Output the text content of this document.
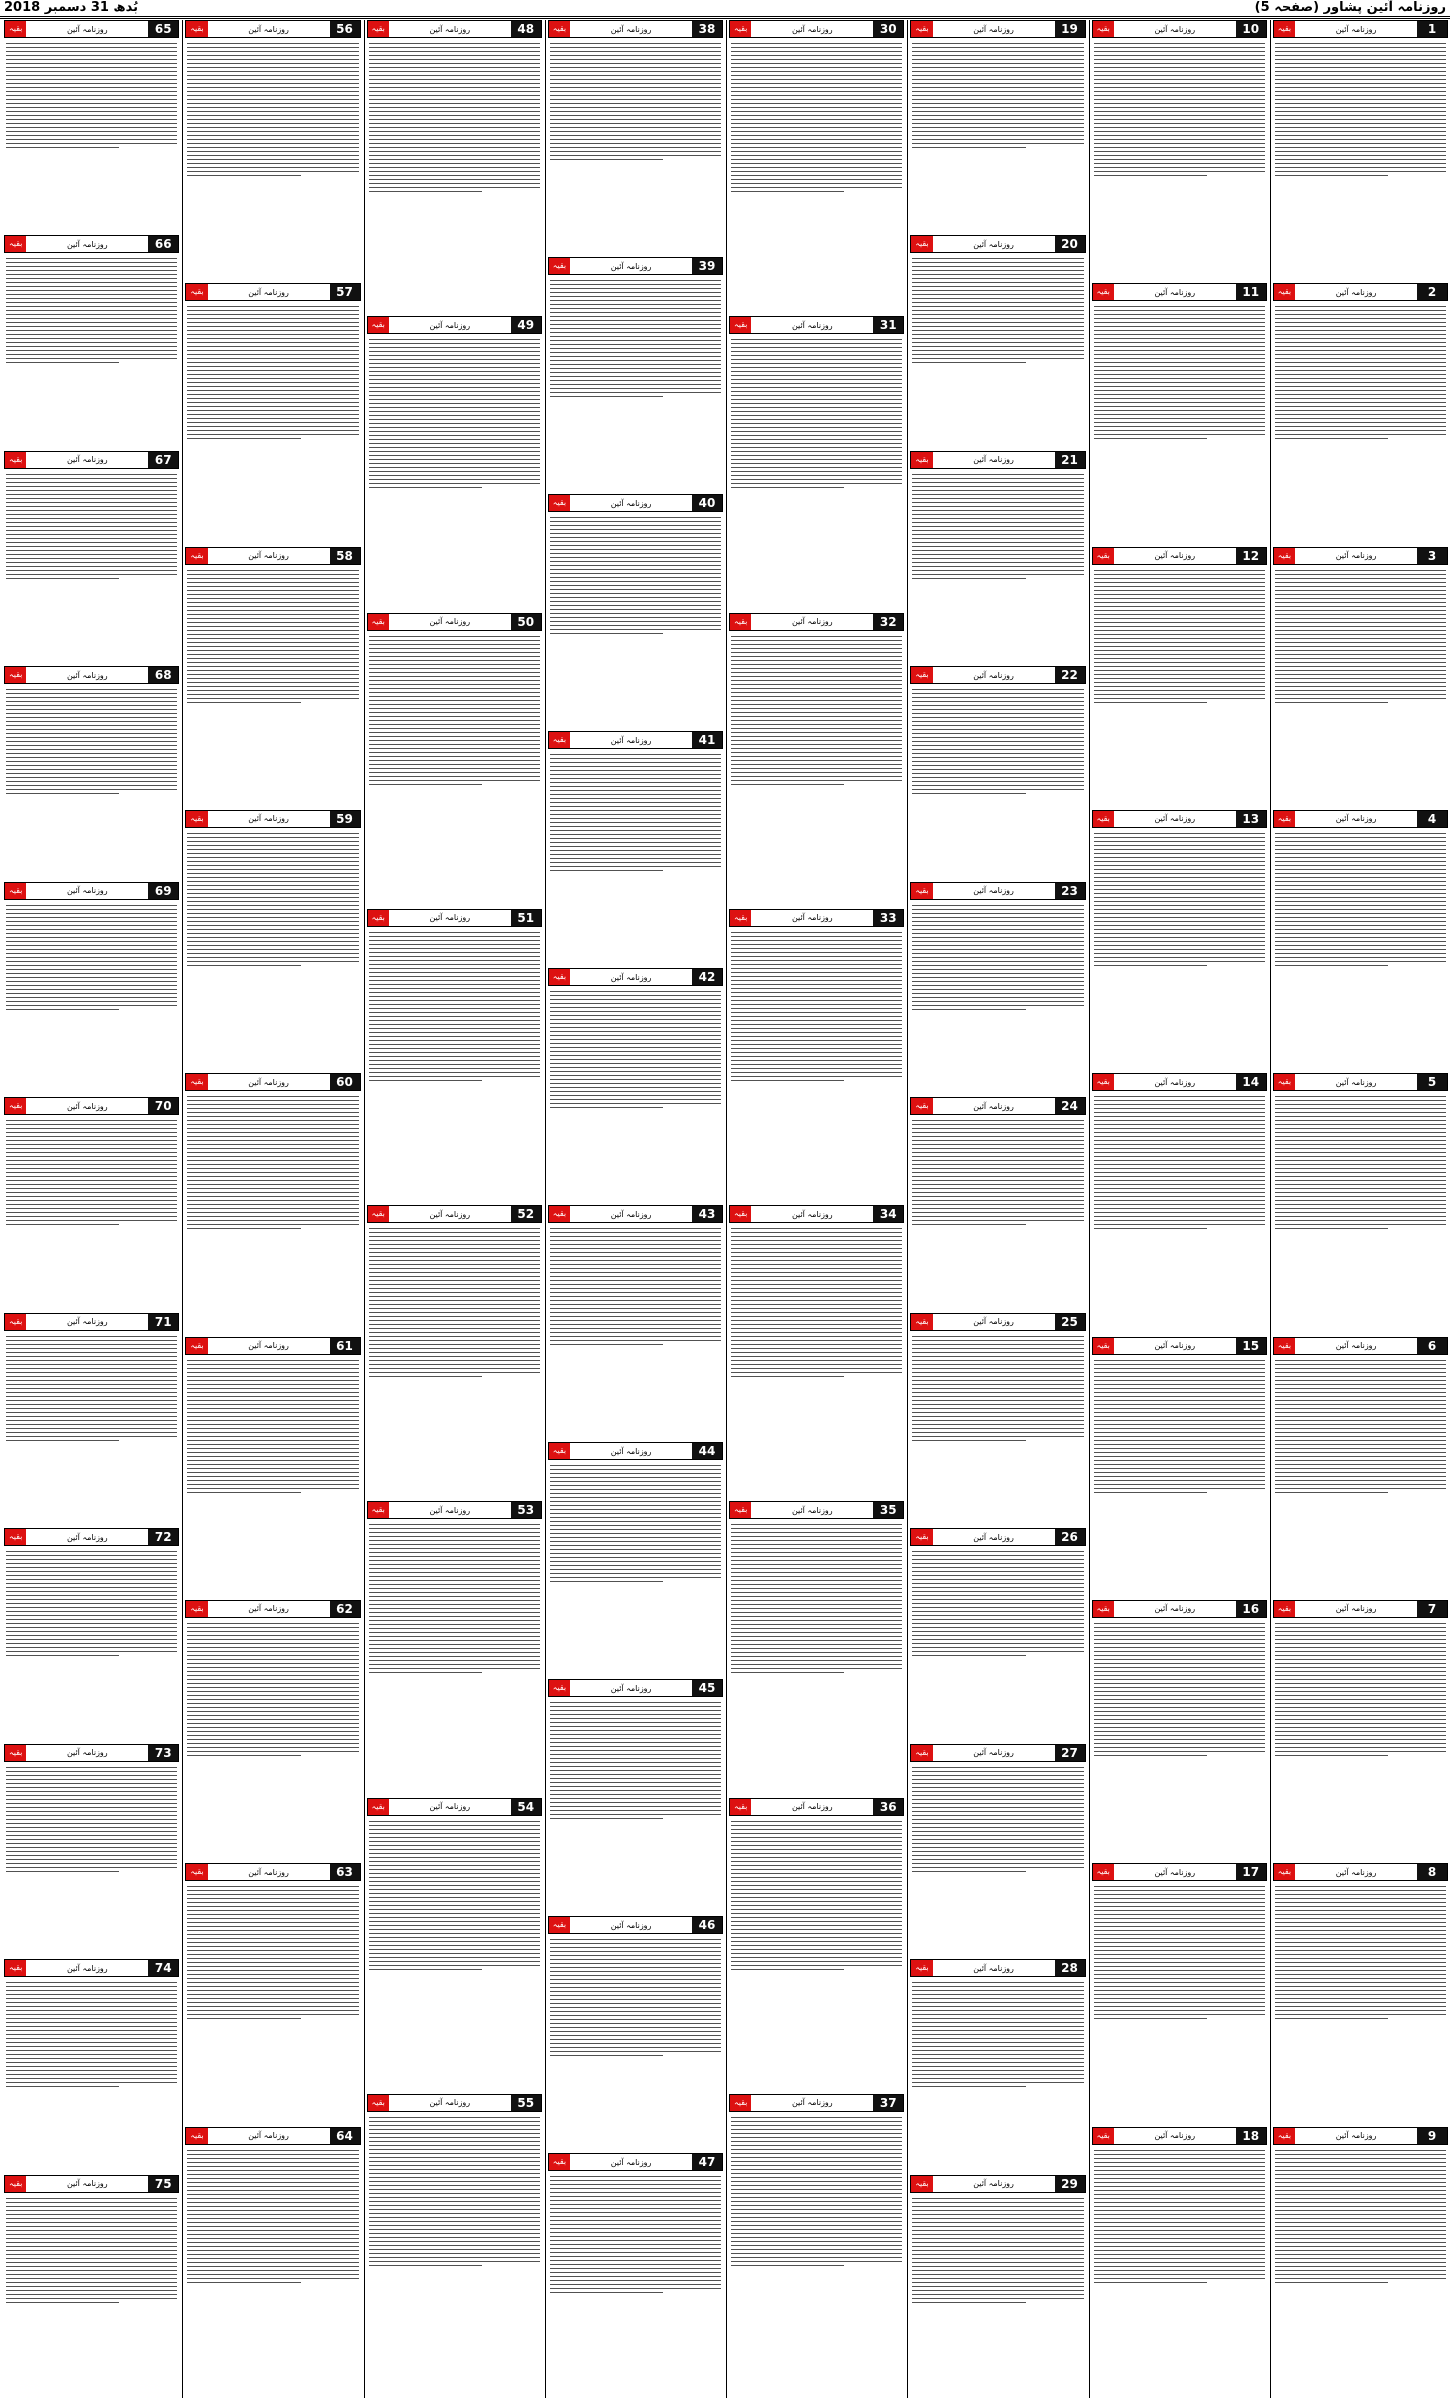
بُدھ 31 دسمبر 2018	روزنامہ آئین پشاور (صفحہ 5)
1
روزنامہ آئین
بقیہ
2
روزنامہ آئین
بقیہ
3
روزنامہ آئین
بقیہ
4
روزنامہ آئین
بقیہ
5
روزنامہ آئین
بقیہ
6
روزنامہ آئین
بقیہ
7
روزنامہ آئین
بقیہ
8
روزنامہ آئین
بقیہ
9
روزنامہ آئین
بقیہ
10
روزنامہ آئین
بقیہ
11
روزنامہ آئین
بقیہ
12
روزنامہ آئین
بقیہ
13
روزنامہ آئین
بقیہ
14
روزنامہ آئین
بقیہ
15
روزنامہ آئین
بقیہ
16
روزنامہ آئین
بقیہ
17
روزنامہ آئین
بقیہ
18
روزنامہ آئین
بقیہ
19
روزنامہ آئین
بقیہ
20
روزنامہ آئین
بقیہ
21
روزنامہ آئین
بقیہ
22
روزنامہ آئین
بقیہ
23
روزنامہ آئین
بقیہ
24
روزنامہ آئین
بقیہ
25
روزنامہ آئین
بقیہ
26
روزنامہ آئین
بقیہ
27
روزنامہ آئین
بقیہ
28
روزنامہ آئین
بقیہ
29
روزنامہ آئین
بقیہ
30
روزنامہ آئین
بقیہ
31
روزنامہ آئین
بقیہ
32
روزنامہ آئین
بقیہ
33
روزنامہ آئین
بقیہ
34
روزنامہ آئین
بقیہ
35
روزنامہ آئین
بقیہ
36
روزنامہ آئین
بقیہ
37
روزنامہ آئین
بقیہ
38
روزنامہ آئین
بقیہ
39
روزنامہ آئین
بقیہ
40
روزنامہ آئین
بقیہ
41
روزنامہ آئین
بقیہ
42
روزنامہ آئین
بقیہ
43
روزنامہ آئین
بقیہ
44
روزنامہ آئین
بقیہ
45
روزنامہ آئین
بقیہ
46
روزنامہ آئین
بقیہ
47
روزنامہ آئین
بقیہ
48
روزنامہ آئین
بقیہ
49
روزنامہ آئین
بقیہ
50
روزنامہ آئین
بقیہ
51
روزنامہ آئین
بقیہ
52
روزنامہ آئین
بقیہ
53
روزنامہ آئین
بقیہ
54
روزنامہ آئین
بقیہ
55
روزنامہ آئین
بقیہ
56
روزنامہ آئین
بقیہ
57
روزنامہ آئین
بقیہ
58
روزنامہ آئین
بقیہ
59
روزنامہ آئین
بقیہ
60
روزنامہ آئین
بقیہ
61
روزنامہ آئین
بقیہ
62
روزنامہ آئین
بقیہ
63
روزنامہ آئین
بقیہ
64
روزنامہ آئین
بقیہ
65
روزنامہ آئین
بقیہ
66
روزنامہ آئین
بقیہ
67
روزنامہ آئین
بقیہ
68
روزنامہ آئین
بقیہ
69
روزنامہ آئین
بقیہ
70
روزنامہ آئین
بقیہ
71
روزنامہ آئین
بقیہ
72
روزنامہ آئین
بقیہ
73
روزنامہ آئین
بقیہ
74
روزنامہ آئین
بقیہ
75
روزنامہ آئین
بقیہ
